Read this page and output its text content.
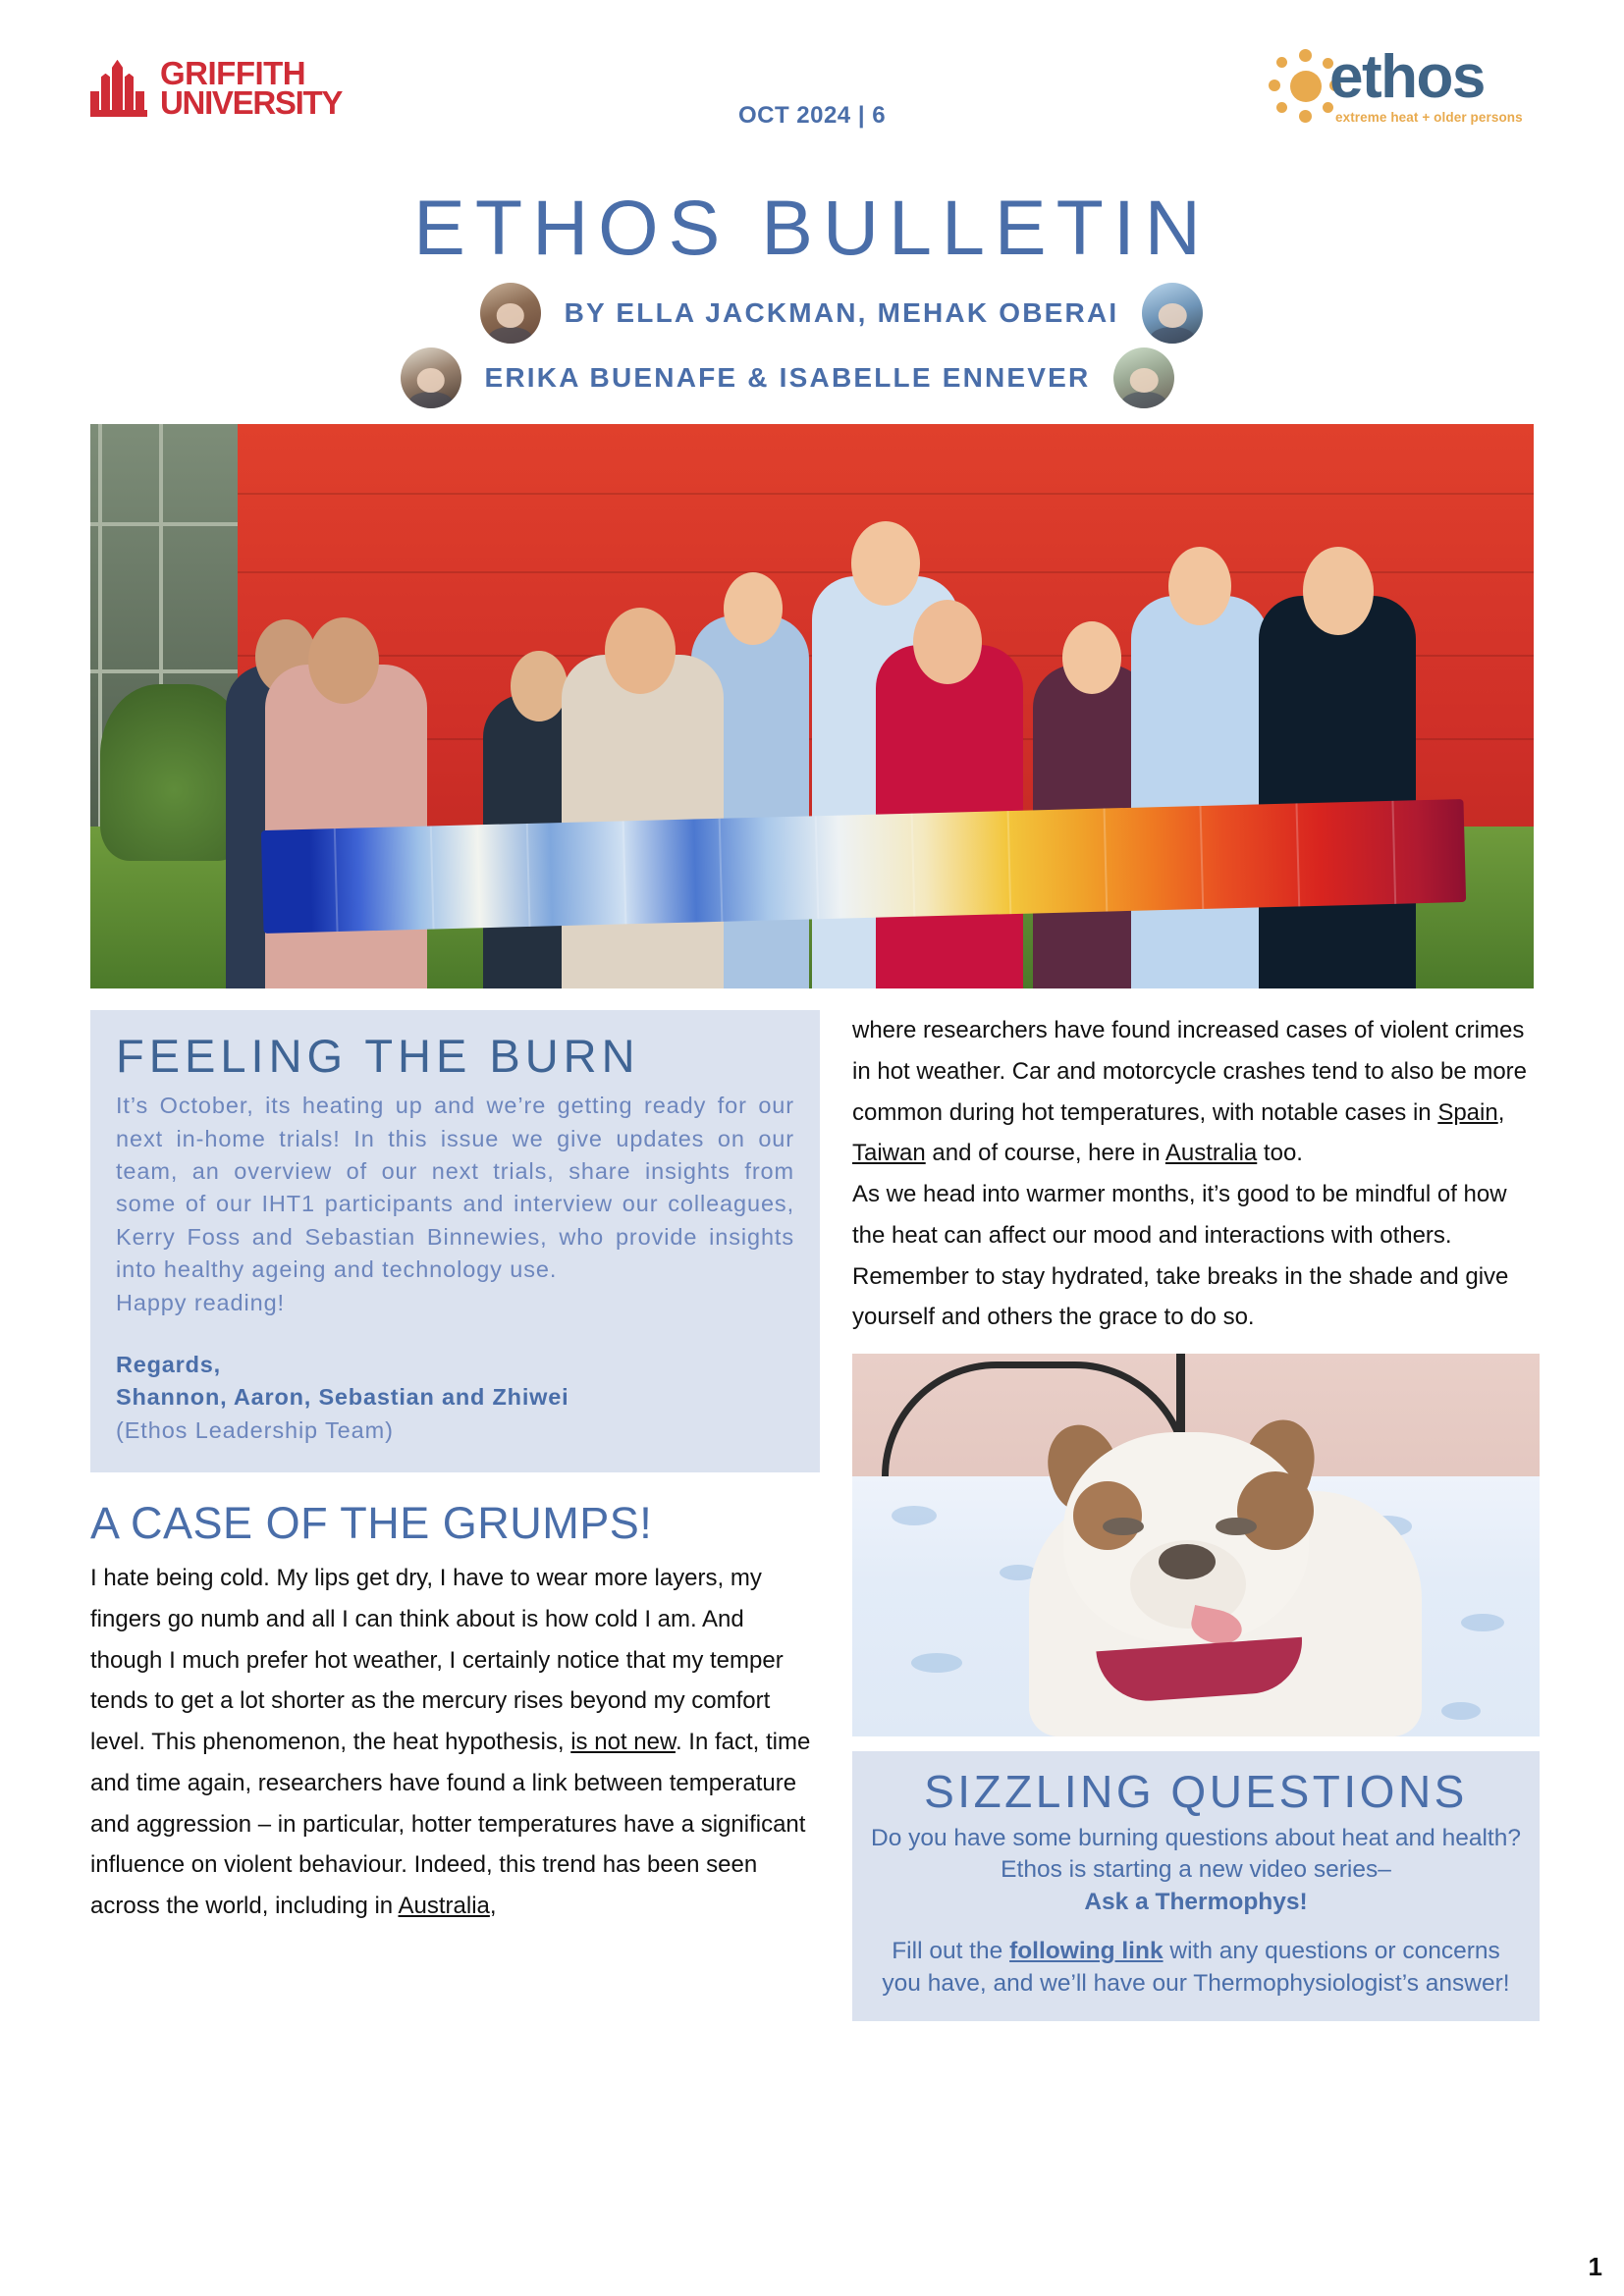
GRIFFITH
UNIVERSITY	OCT 2024 | 6
ethos
extreme heat + older persons
ETHOS BULLETIN
BY ELLA JACKMAN, MEHAK OBERAI
ERIKA BUENAFE & ISABELLE ENNEVER
FEELING THE BURN

It’s October, its heating up and we’re getting ready for our next in-home trials! In this issue we give updates on our team, an overview of our next trials, share insights from some of our IHT1 participants and interview our colleagues, Kerry Foss and Sebastian Binnewies, who provide insights into healthy ageing and technology use.

Happy reading!

Regards,
Shannon, Aaron, Sebastian and Zhiwei
(Ethos Leadership Team)
A CASE OF THE GRUMPS!

I hate being cold. My lips get dry, I have to wear more layers, my fingers go numb and all I can think about is how cold I am. And though I much prefer hot weather, I certainly notice that my temper tends to get a lot shorter as the mercury rises beyond my comfort level. This phenomenon, the heat hypothesis, is not new. In fact, time and time again, researchers have found a link between temperature and aggression – in particular, hotter temperatures have a significant influence on violent behaviour. Indeed, this trend has been seen across the world, including in Australia,

where researchers have found increased cases of violent crimes in hot weather. Car and motorcycle crashes tend to also be more common during hot temperatures, with notable cases in Spain, Taiwan and of course, here in Australia too.

As we head into warmer months, it’s good to be mindful of how the heat can affect our mood and interactions with others. Remember to stay hydrated, take breaks in the shade and give yourself and others the grace to do so.

SIZZLING QUESTIONS

Do you have some burning questions about heat and health? Ethos is starting a new video series–

Ask a Thermophys!

Fill out the following link with any questions or concerns you have, and we’ll have our Thermophysiologist’s answer!

1
